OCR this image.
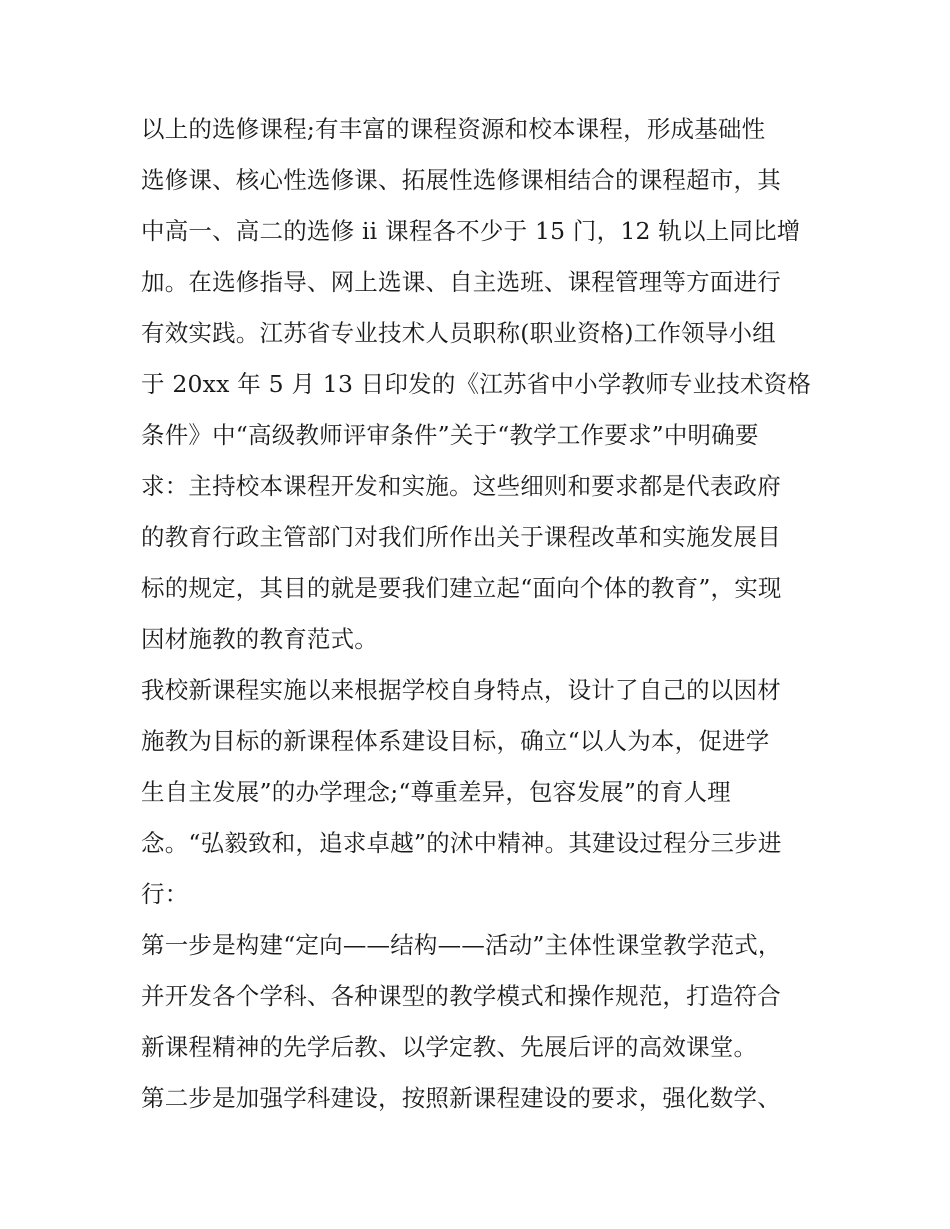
以上的选修课程;有丰富的课程资源和校本课程，形成基础性
选修课、核心性选修课、拓展性选修课相结合的课程超市，其
中高一、高二的选修 ii 课程各不少于 15 门，12 轨以上同比增
加。在选修指导、网上选课、自主选班、课程管理等方面进行
有效实践。江苏省专业技术人员职称(职业资格)工作领导小组
于 20xx 年 5 月 13 日印发的《江苏省中小学教师专业技术资格
条件》中“高级教师评审条件”关于“教学工作要求”中明确要
求：主持校本课程开发和实施。这些细则和要求都是代表政府
的教育行政主管部门对我们所作出关于课程改革和实施发展目
标的规定，其目的就是要我们建立起“面向个体的教育”，实现
因材施教的教育范式。
我校新课程实施以来根据学校自身特点，设计了自己的以因材
施教为目标的新课程体系建设目标，确立“以人为本，促进学
生自主发展”的办学理念;“尊重差异，包容发展”的育人理
念。“弘毅致和，追求卓越”的沭中精神。其建设过程分三步进
行：
第一步是构建“定向——结构——活动”主体性课堂教学范式，
并开发各个学科、各种课型的教学模式和操作规范，打造符合
新课程精神的先学后教、以学定教、先展后评的高效课堂。
第二步是加强学科建设，按照新课程建设的要求，强化数学、
